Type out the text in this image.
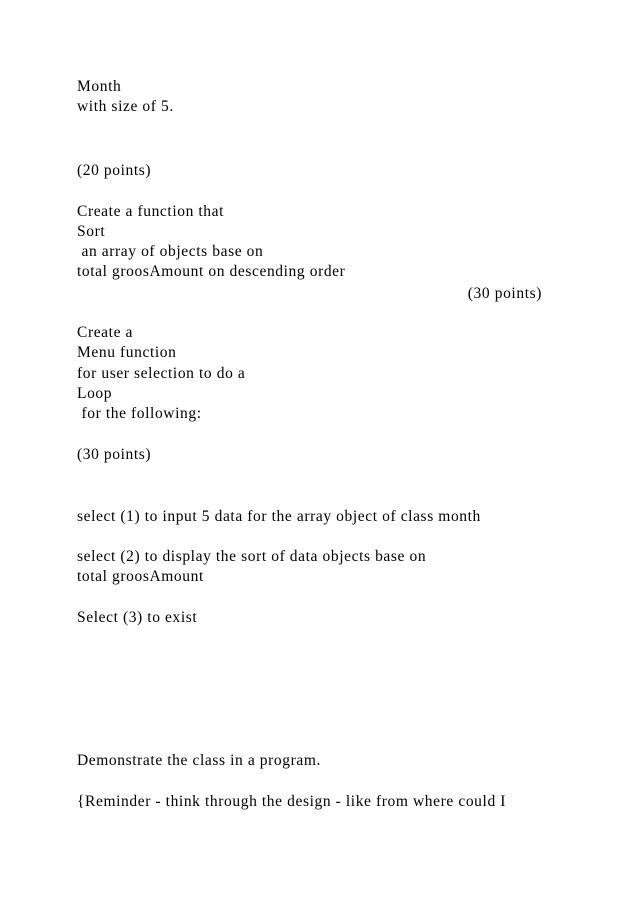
Month
with size of 5.
(20 points)
Create a function that
Sort
an array of objects base on
total groosAmount on descending order
(30 points)
Create a
Menu function
for user selection to do a
Loop
for the following:
(30 points)
select (1) to input 5 data for the array object of class month
select (2) to display the sort of data objects base on
total groosAmount
Select (3) to exist
Demonstrate the class in a program.
{Reminder - think through the design - like from where could I
